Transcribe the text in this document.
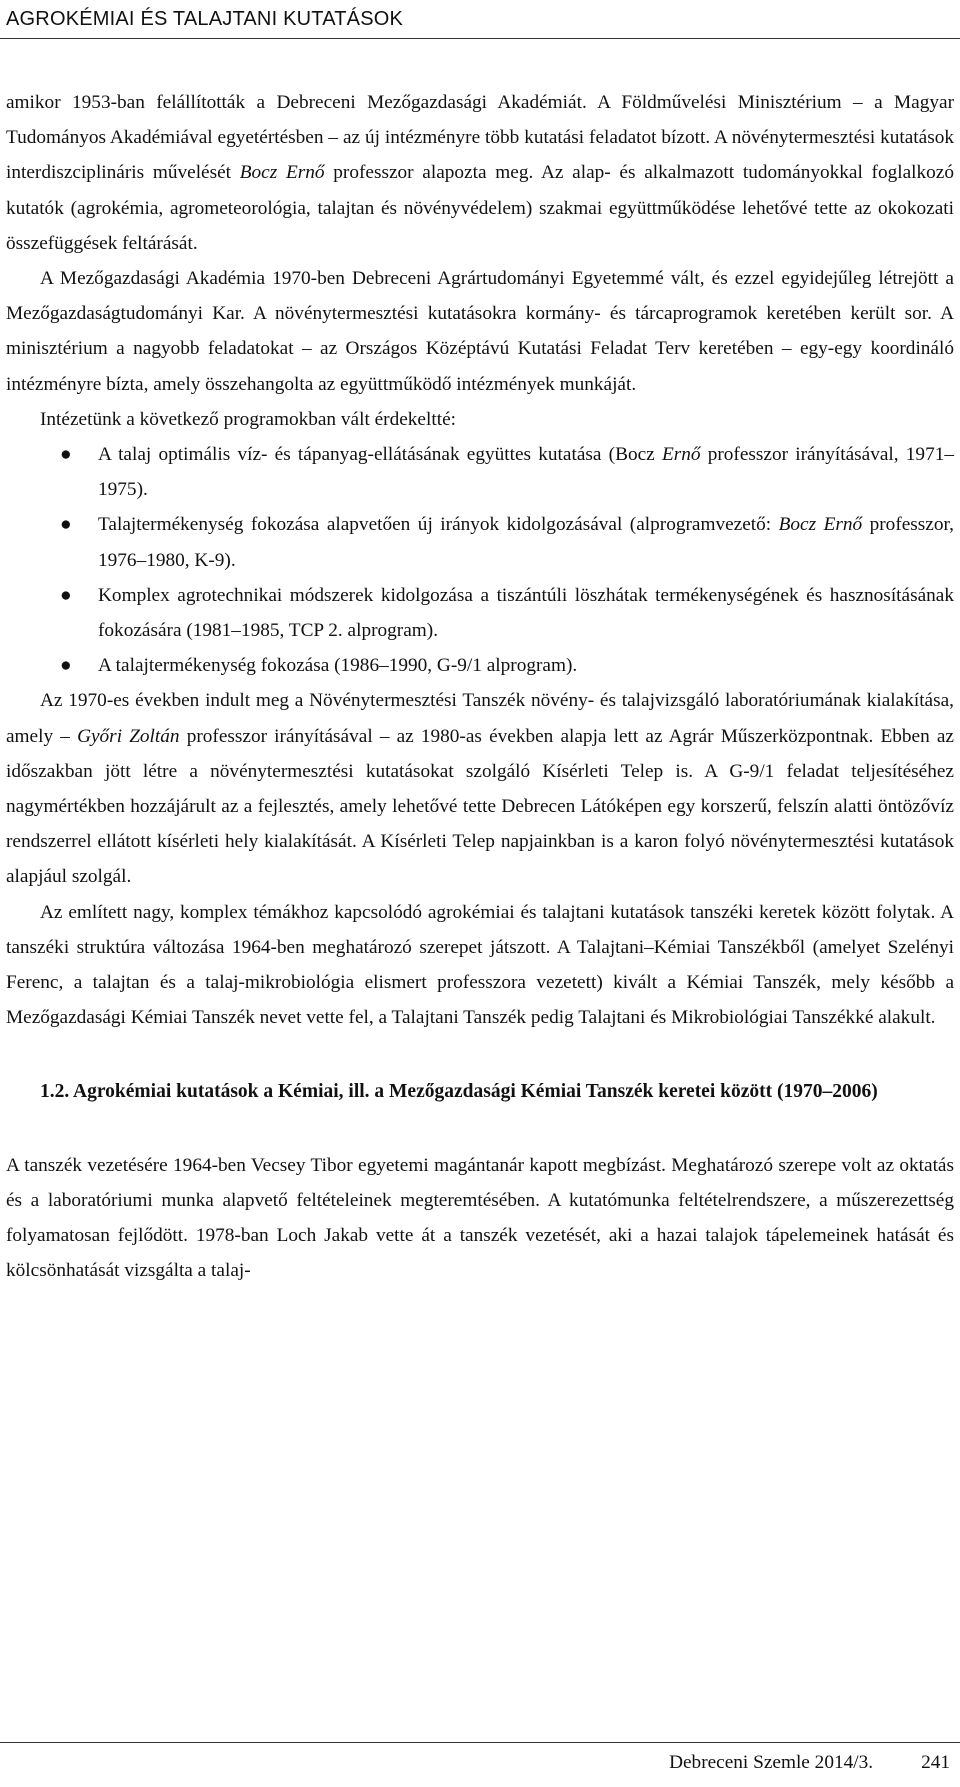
AGROKÉMIAI ÉS TALAJTANI KUTATÁSOK

amikor 1953-ban felállították a Debreceni Mezőgazdasági Akadémiát. A Földművelési Minisztérium – a Magyar Tudományos Akadémiával egyetértésben – az új intézményre több kutatási feladatot bízott. A növénytermesztési kutatások interdiszciplináris művelését Bocz Ernő professzor alapozta meg. Az alap- és alkalmazott tudományokkal foglalkozó kutatók (agrokémia, agrometeorológia, talajtan és növényvédelem) szakmai együttműködése lehetővé tette az okokozati összefüggések feltárását.

A Mezőgazdasági Akadémia 1970-ben Debreceni Agrártudományi Egyetemmé vált, és ezzel egyidejűleg létrejött a Mezőgazdaságtudományi Kar. A növénytermesztési kutatásokra kormány- és tárcaprogramok keretében került sor. A minisztérium a nagyobb feladatokat – az Országos Középtávú Kutatási Feladat Terv keretében – egy-egy koordináló intézményre bízta, amely összehangolta az együttműködő intézmények munkáját.

Intézetünk a következő programokban vált érdekeltté:

● A talaj optimális víz- és tápanyag-ellátásának együttes kutatása (Bocz Ernő professzor irányításával, 1971–1975).
● Talajtermékenység fokozása alapvetően új irányok kidolgozásával (alprogramvezető: Bocz Ernő professzor, 1976–1980, K-9).
● Komplex agrotechnikai módszerek kidolgozása a tiszántúli löszhátak termékenységének és hasznosításának fokozására (1981–1985, TCP 2. alprogram).
● A talajtermékenység fokozása (1986–1990, G-9/1 alprogram).

Az 1970-es években indult meg a Növénytermesztési Tanszék növény- és talajvizsgáló laboratóriumának kialakítása, amely – Győri Zoltán professzor irányításával – az 1980-as években alapja lett az Agrár Műszerközpontnak. Ebben az időszakban jött létre a növénytermesztési kutatásokat szolgáló Kísérleti Telep is. A G-9/1 feladat teljesítéséhez nagymértékben hozzájárult az a fejlesztés, amely lehetővé tette Debrecen Látóképen egy korszerű, felszín alatti öntözővíz rendszerrel ellátott kísérleti hely kialakítását. A Kísérleti Telep napjainkban is a karon folyó növénytermesztési kutatások alapjául szolgál.

Az említett nagy, komplex témákhoz kapcsolódó agrokémiai és talajtani kutatások tanszéki keretek között folytak. A tanszéki struktúra változása 1964-ben meghatározó szerepet játszott. A Talajtani–Kémiai Tanszékből (amelyet Szelényi Ferenc, a talajtan és a talaj-mikrobiológia elismert professzora vezetett) kivált a Kémiai Tanszék, mely később a Mezőgazdasági Kémiai Tanszék nevet vette fel, a Talajtani Tanszék pedig Talajtani és Mikrobiológiai Tanszékké alakult.

1.2. Agrokémiai kutatások a Kémiai, ill. a Mezőgazdasági Kémiai Tanszék keretei között (1970–2006)

A tanszék vezetésére 1964-ben Vecsey Tibor egyetemi magántanár kapott megbízást. Meghatározó szerepe volt az oktatás és a laboratóriumi munka alapvető feltételeinek megteremtésében. A kutatómunka feltételrendszere, a műszerezettség folyamatosan fejlődött. 1978-ban Loch Jakab vette át a tanszék vezetését, aki a hazai talajok tápelemeinek hatását és kölcsönhatását vizsgálta a talaj-

Debreceni Szemle 2014/3. 241
